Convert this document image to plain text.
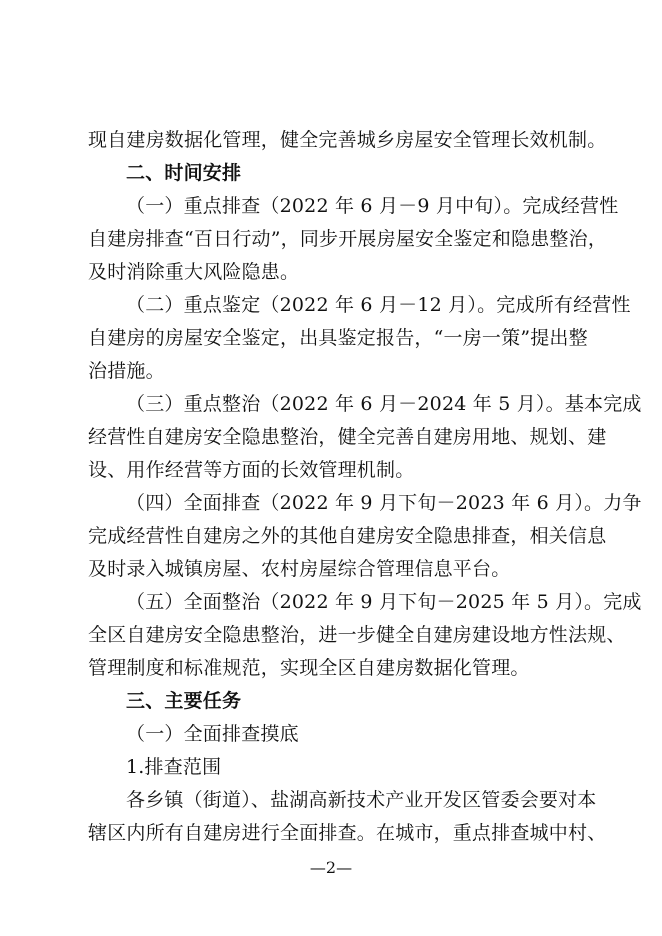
现自建房数据化管理，健全完善城乡房屋安全管理长效机制。
二、时间安排
（一）重点排查（2022 年 6 月－9 月中旬）。完成经营性
自建房排查“百日行动”，同步开展房屋安全鉴定和隐患整治，
及时消除重大风险隐患。
（二）重点鉴定（2022 年 6 月－12 月）。完成所有经营性
自建房的房屋安全鉴定，出具鉴定报告，“一房一策”提出整
治措施。
（三）重点整治（2022 年 6 月－2024 年 5 月）。基本完成
经营性自建房安全隐患整治，健全完善自建房用地、规划、建
设、用作经营等方面的长效管理机制。
（四）全面排查（2022 年 9 月下旬－2023 年 6 月）。力争
完成经营性自建房之外的其他自建房安全隐患排查，相关信息
及时录入城镇房屋、农村房屋综合管理信息平台。
（五）全面整治（2022 年 9 月下旬－2025 年 5 月）。完成
全区自建房安全隐患整治，进一步健全自建房建设地方性法规、
管理制度和标准规范，实现全区自建房数据化管理。
三、主要任务
（一）全面排查摸底
1.排查范围
各乡镇（街道）、盐湖高新技术产业开发区管委会要对本
辖区内所有自建房进行全面排查。在城市，重点排查城中村、
—2—
